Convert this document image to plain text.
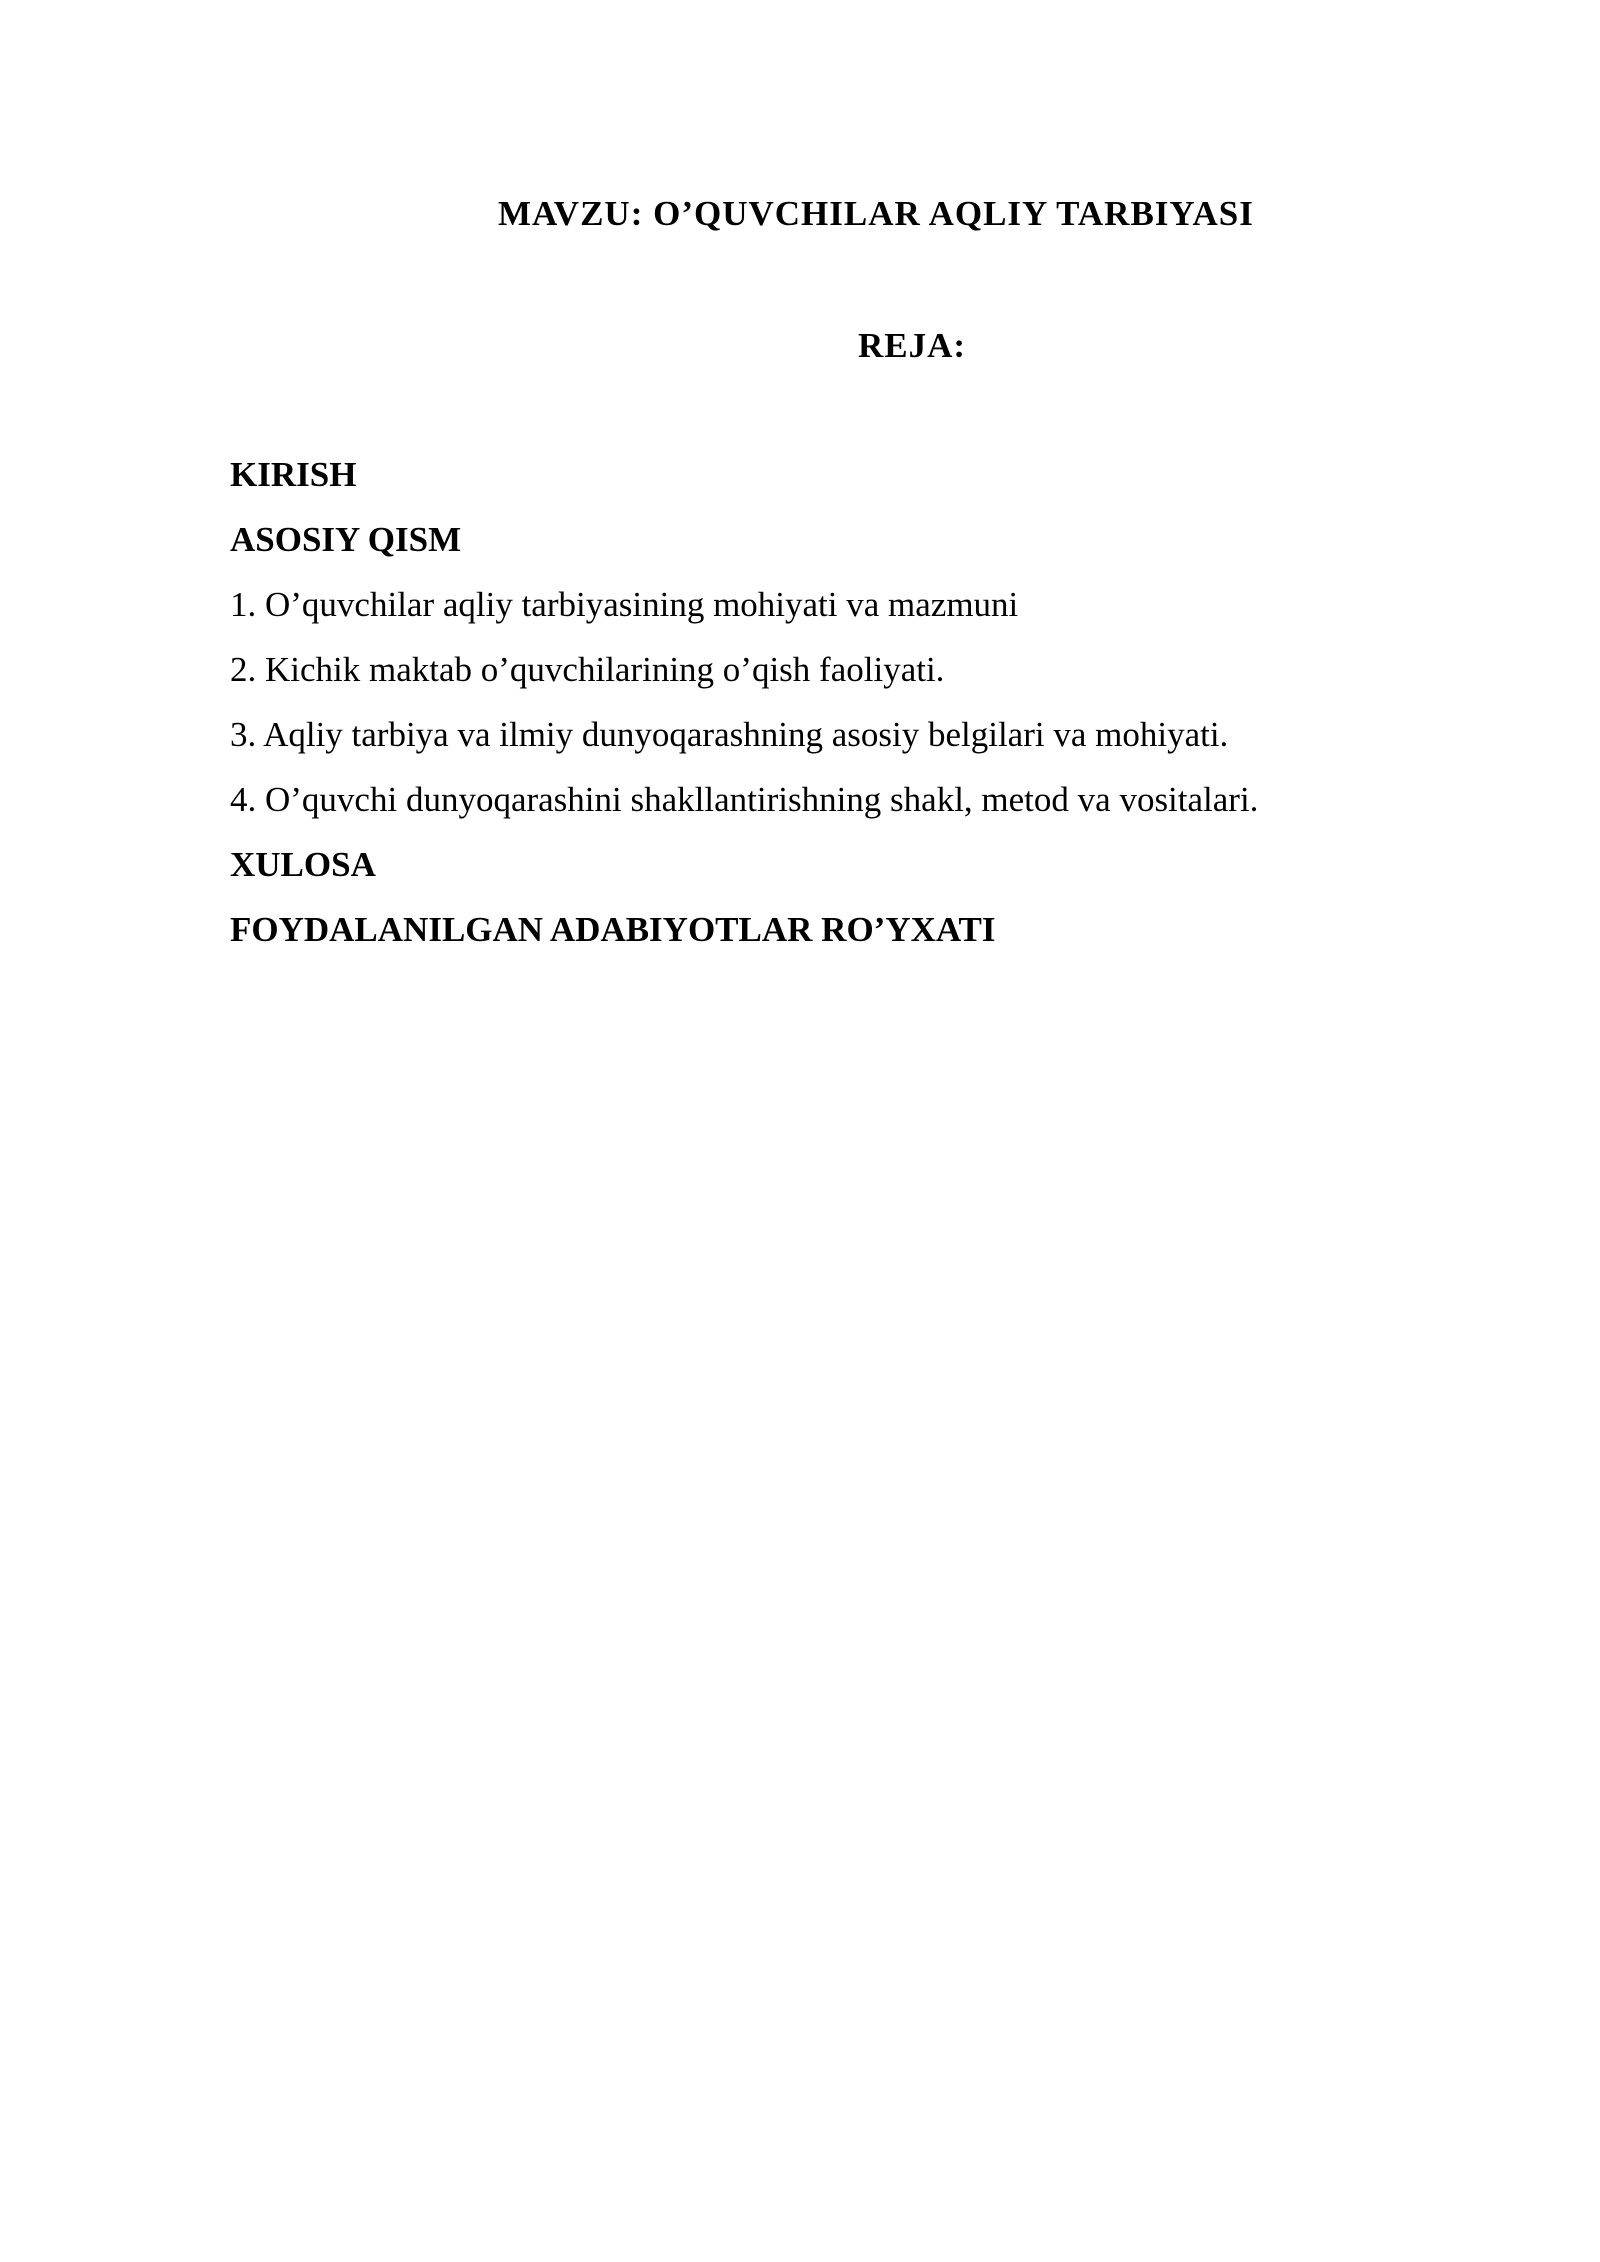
MAVZU: O’QUVCHILAR AQLIY TARBIYASI
REJA:
KIRISH
ASOSIY QISM
1. O’quvchilar aqliy tarbiyasining mohiyati va mazmuni
2. Kichik maktab o’quvchilarining o’qish faoliyati.
3. Aqliy tarbiya va ilmiy dunyoqarashning asosiy belgilari va mohiyati.
4. O’quvchi dunyoqarashini shakllantirishning shakl, metod va vositalari.
XULOSA
FOYDALANILGAN ADABIYOTLAR RO’YXATI
